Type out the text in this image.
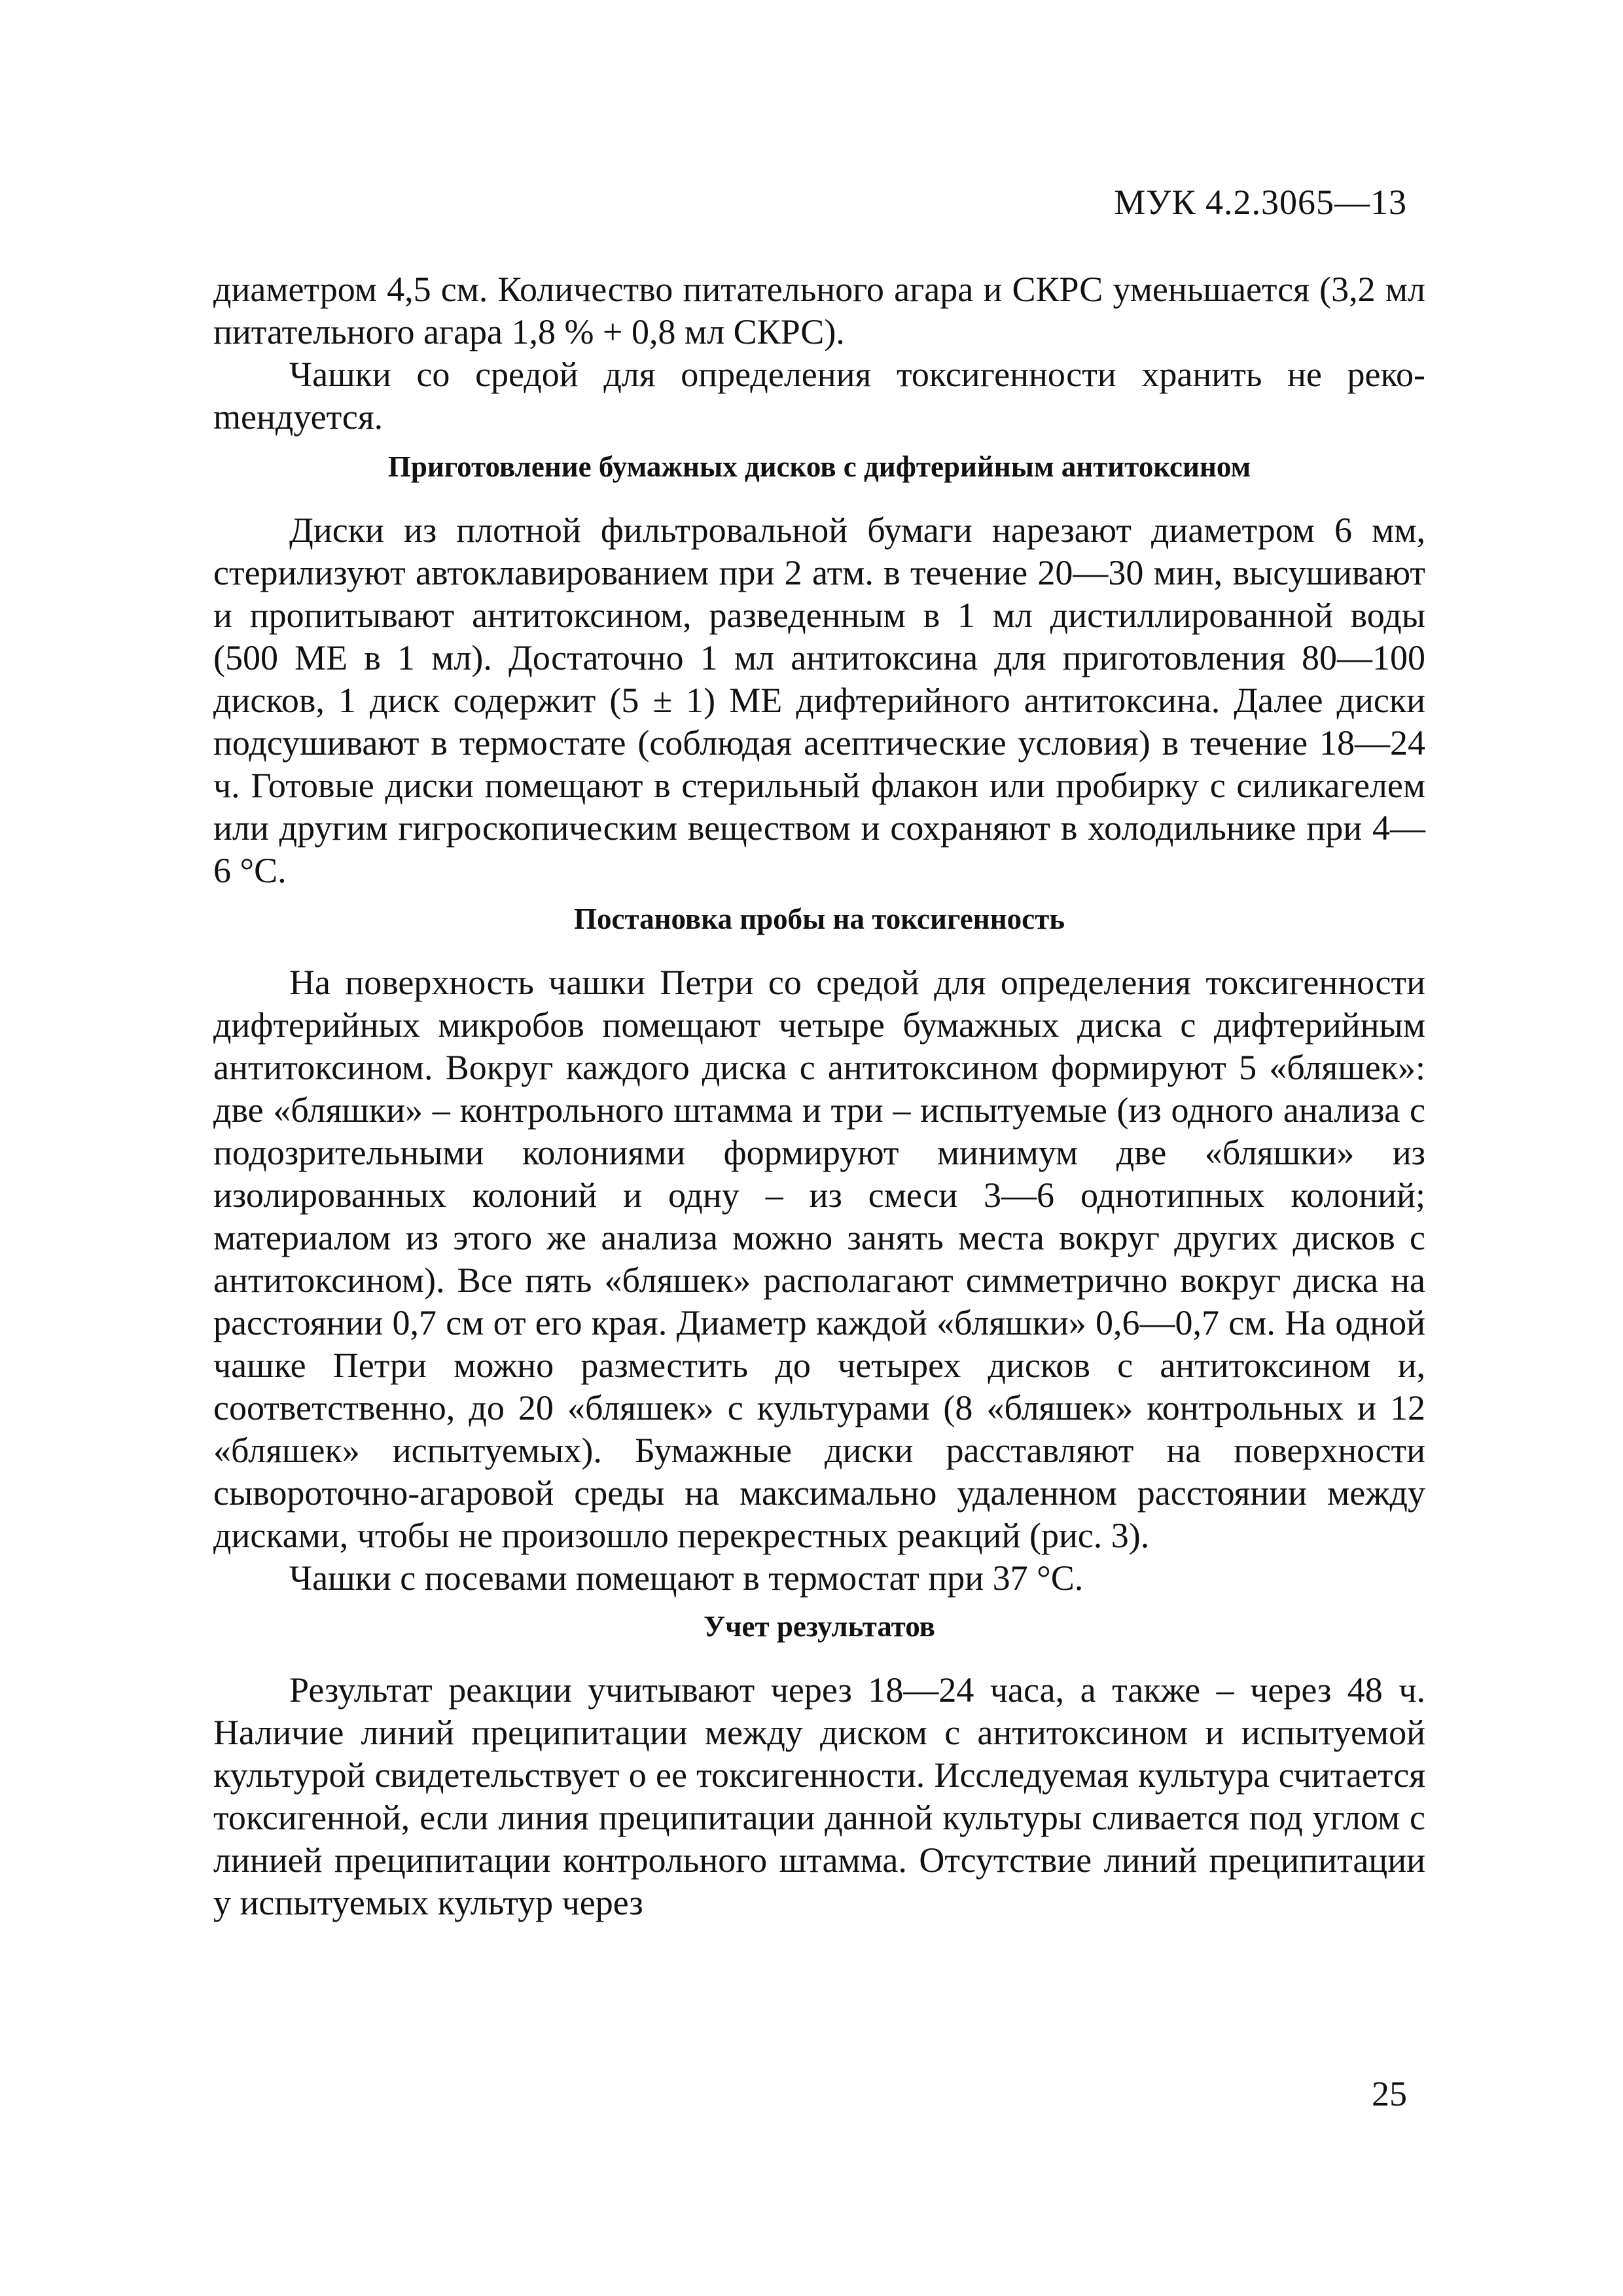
МУК 4.2.3065—13

диаметром 4,5 см. Количество питательного агара и СКРС уменьшается (3,2 мл питательного агара 1,8 % + 0,8 мл СКРС).

Чашки со средой для определения токсигенности хранить не рекоmендуется.

Приготовление бумажных дисков с дифтерийным антитоксином

Диски из плотной фильтровальной бумаги нарезают диаметром 6 мм, стерилизуют автоклавированием при 2 атм. в течение 20—30 мин, высушивают и пропитывают антитоксином, разведенным в 1 мл дистиллированной воды (500 МЕ в 1 мл). Достаточно 1 мл антитоксина для приготовления 80—100 дисков, 1 диск содержит (5 ± 1) МЕ дифтерийного антитоксина. Далее диски подсушивают в термостате (соблюдая асептические условия) в течение 18—24 ч. Готовые диски помещают в стерильный флакон или пробирку с силикагелем или другим гигроскопическим веществом и сохраняют в холодильнике при 4—6 °С.

Постановка пробы на токсигенность

На поверхность чашки Петри со средой для определения токсигенности дифтерийных микробов помещают четыре бумажных диска с дифтерийным антитоксином. Вокруг каждого диска с антитоксином формируют 5 «бляшек»: две «бляшки» – контрольного штамма и три – испытуемые (из одного анализа с подозрительными колониями формируют минимум две «бляшки» из изолированных колоний и одну – из смеси 3—6 однотипных колоний; материалом из этого же анализа можно занять места вокруг других дисков с антитоксином). Все пять «бляшек» располагают симметрично вокруг диска на расстоянии 0,7 см от его края. Диаметр каждой «бляшки» 0,6—0,7 см. На одной чашке Петри можно разместить до четырех дисков с антитоксином и, соответственно, до 20 «бляшек» с культурами (8 «бляшек» контрольных и 12 «бляшек» испытуемых). Бумажные диски расставляют на поверхности сывороточно-агаровой среды на максимально удаленном расстоянии между дисками, чтобы не произошло перекрестных реакций (рис. 3).

Чашки с посевами помещают в термостат при 37 °С.

Учет результатов

Результат реакции учитывают через 18—24 часа, а также – через 48 ч. Наличие линий преципитации между диском с антитоксином и испытуемой культурой свидетельствует о ее токсигенности. Исследуемая культура считается токсигенной, если линия преципитации данной культуры сливается под углом с линией преципитации контрольного штамма. Отсутствие линий преципитации у испытуемых культур через

25
